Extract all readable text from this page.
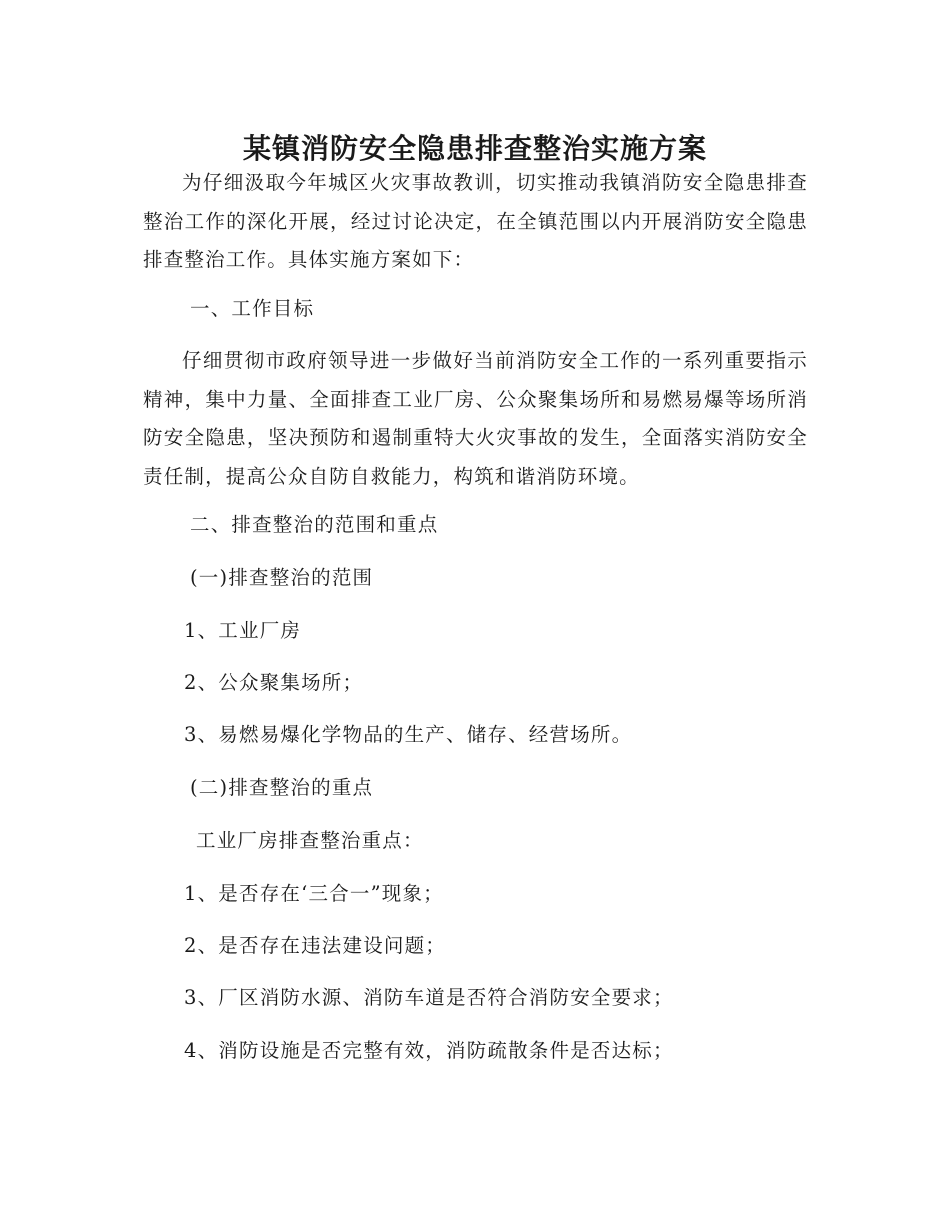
某镇消防安全隐患排查整治实施方案

为仔细汲取今年城区火灾事故教训，切实推动我镇消防安全隐患排查整治工作的深化开展，经过讨论决定，在全镇范围以内开展消防安全隐患排查整治工作。具体实施方案如下：

一、工作目标

仔细贯彻市政府领导进一步做好当前消防安全工作的一系列重要指示精神，集中力量、全面排查工业厂房、公众聚集场所和易燃易爆等场所消防安全隐患，坚决预防和遏制重特大火灾事故的发生，全面落实消防安全责任制，提高公众自防自救能力，构筑和谐消防环境。

二、排查整治的范围和重点
(一)排查整治的范围
1、工业厂房
2、公众聚集场所；
3、易燃易爆化学物品的生产、储存、经营场所。
(二)排查整治的重点
工业厂房排查整治重点：
1、是否存在‘三合一”现象；
2、是否存在违法建设问题；
3、厂区消防水源、消防车道是否符合消防安全要求；
4、消防设施是否完整有效，消防疏散条件是否达标；
